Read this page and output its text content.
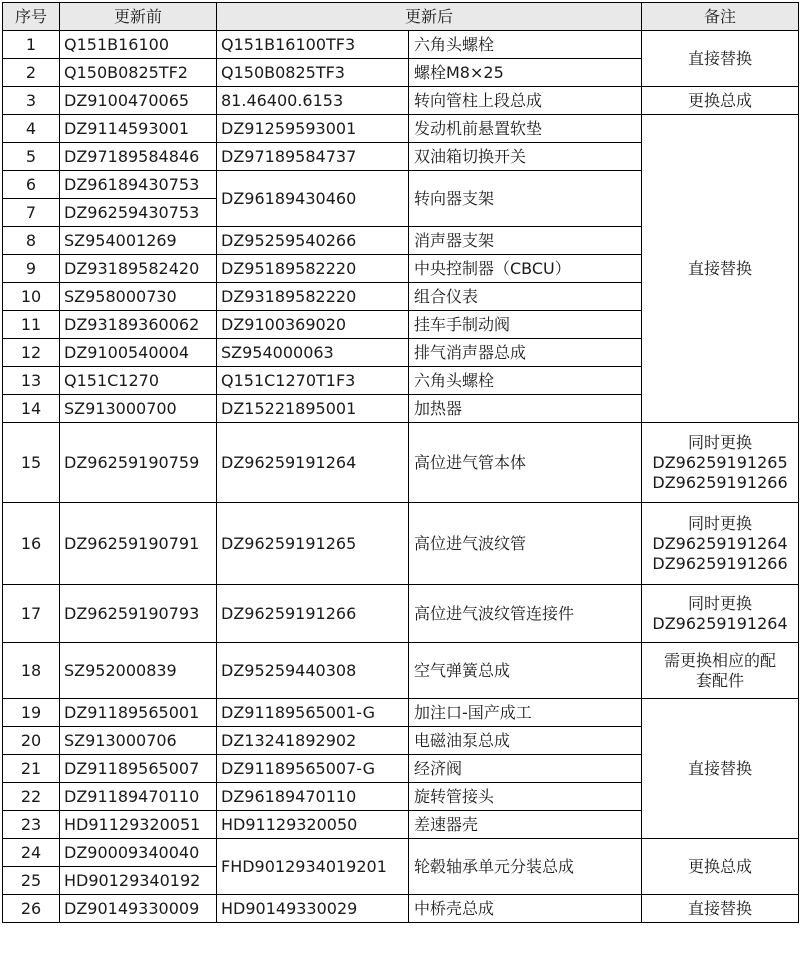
序号	更新前	更新后		备注
1	Q151B16100	Q151B16100TF3	六角头螺栓	直接替换
2	Q150B0825TF2	Q150B0825TF3	螺栓M8×25	
3	DZ9100470065	81.46400.6153	转向管柱上段总成	更换总成
4	DZ9114593001	DZ91259593001	发动机前悬置软垫	直接替换
5	DZ97189584846	DZ97189584737	双油箱切换开关	
6	DZ96189430753	DZ96189430460	转向器支架	
7	DZ96259430753			
8	SZ954001269	DZ95259540266	消声器支架	
9	DZ93189582420	DZ95189582220	中央控制器（CBCU）	
10	SZ958000730	DZ93189582220	组合仪表	
11	DZ93189360062	DZ9100369020	挂车手制动阀	
12	DZ9100540004	SZ954000063	排气消声器总成	
13	Q151C1270	Q151C1270T1F3	六角头螺栓	
14	SZ913000700	DZ15221895001	加热器	
15	DZ96259190759	DZ96259191264	高位进气管本体	同时更换
DZ96259191265
DZ96259191266

16	DZ96259190791	DZ96259191265	高位进气波纹管	同时更换
DZ96259191264
DZ96259191266

17	DZ96259190793	DZ96259191266	高位进气波纹管连接件	同时更换
DZ96259191264

18	SZ952000839	DZ95259440308	空气弹簧总成	需更换相应的配
套配件

19	DZ91189565001	DZ91189565001-G	加注口-国产成工	直接替换
20	SZ913000706	DZ13241892902	电磁油泵总成	
21	DZ91189565007	DZ91189565007-G	经济阀	
22	DZ91189470110	DZ96189470110	旋转管接头	
23	HD91129320051	HD91129320050	差速器壳	
24	DZ90009340040	FHD9012934019201	轮毂轴承单元分装总成	更换总成
25	HD90129340192			
26	DZ90149330009	HD90149330029	中桥壳总成	直接替换
